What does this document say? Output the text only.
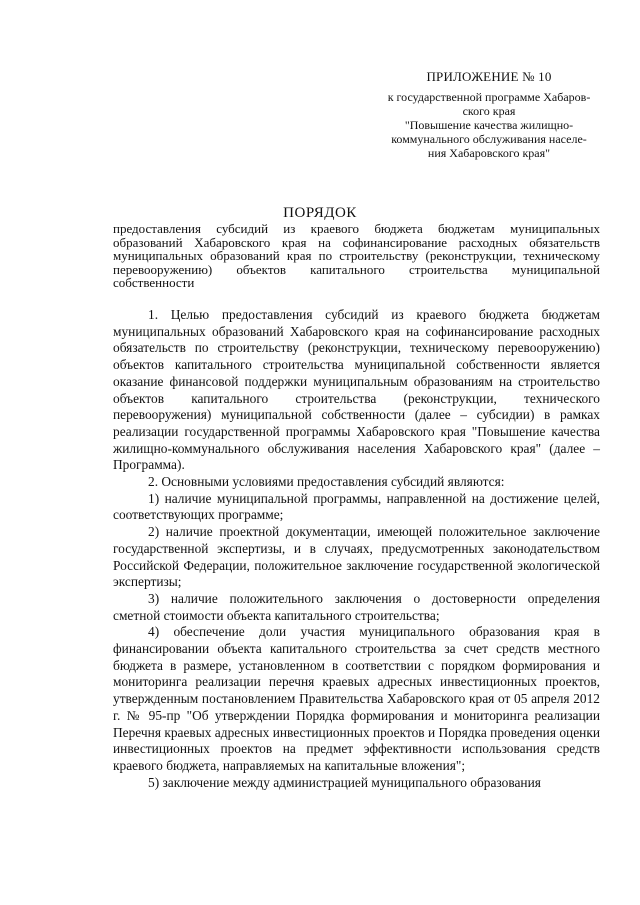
ПРИЛОЖЕНИЕ № 10
к государственной программе Хабаров-
ского края
"Повышение качества жилищно-
коммунального обслуживания населе-
ния Хабаровского края"
ПОРЯДОК
предоставления субсидий из краевого бюджета бюджетам муниципальных образований Хабаровского края на софинансирование расходных обязательств муниципальных образований края по строительству (реконструкции, техническому перевооружению) объектов капитального строительства муниципальной собственности

1. Целью предоставления субсидий из краевого бюджета бюджетам муниципальных образований Хабаровского края на софинансирование расходных обязательств по строительству (реконструкции, техническому перевооружению) объектов капитального строительства муниципальной собственности является оказание финансовой поддержки муниципальным образованиям на строительство объектов капитального строительства (реконструкции, технического перевооружения) муниципальной собственности (далее – субсидии) в рамках реализации государственной программы Хабаровского края "Повышение качества жилищно-коммунального обслуживания населения Хабаровского края" (далее – Программа).

2. Основными условиями предоставления субсидий являются:

1) наличие муниципальной программы, направленной на достижение целей, соответствующих программе;

2) наличие проектной документации, имеющей положительное заключение государственной экспертизы, и в случаях, предусмотренных законодательством Российской Федерации, положительное заключение государственной экологической экспертизы;

3) наличие положительного заключения о достоверности определения сметной стоимости объекта капитального строительства;

4) обеспечение доли участия муниципального образования края в финансировании объекта капитального строительства за счет средств местного бюджета в размере, установленном в соответствии с порядком формирования и мониторинга реализации перечня краевых адресных инвестиционных проектов, утвержденным постановлением Правительства Хабаровского края от 05 апреля 2012 г. № 95-пр "Об утверждении Порядка формирования и мониторинга реализации Перечня краевых адресных инвестиционных проектов и Порядка проведения оценки инвестиционных проектов на предмет эффективности использования средств краевого бюджета, направляемых на капитальные вложения";

5) заключение между администрацией муниципального образования
